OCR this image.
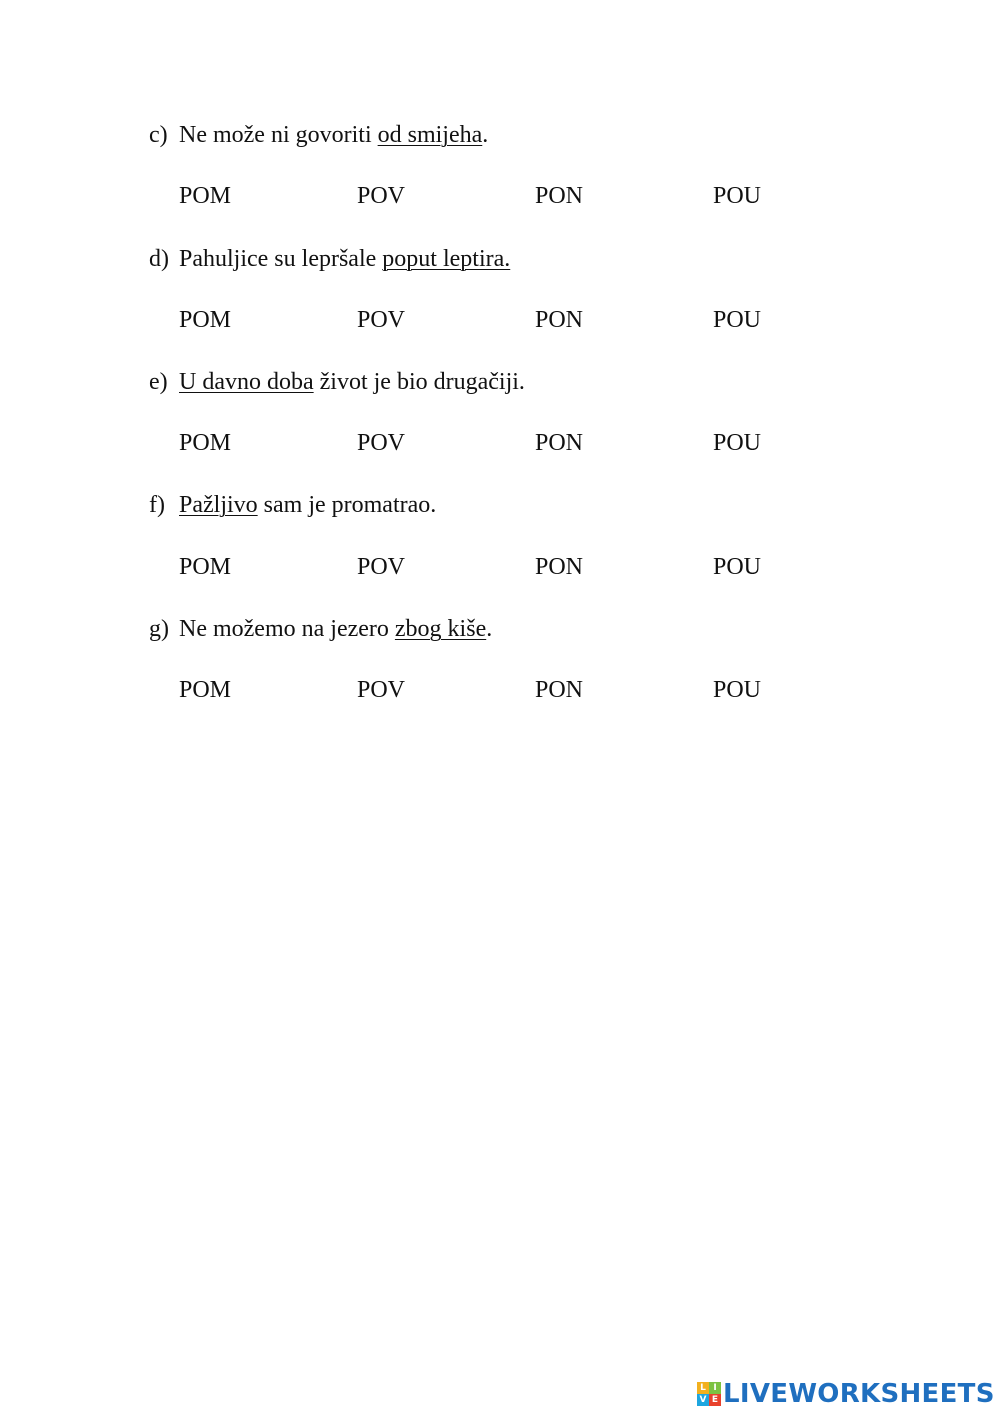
c) Ne može ni govoriti od smijeha.
POM	POV	PON	POU
d) Pahuljice su lepršale poput leptira.
POM	POV	PON	POU
e) U davno doba život je bio drugačiji.
POM	POV	PON	POU
f) Pažljivo sam je promatrao.
POM	POV	PON	POU
g) Ne možemo na jezero zbog kiše.
POM	POV	PON	POU
L I
V E LIVEWORKSHEETS
